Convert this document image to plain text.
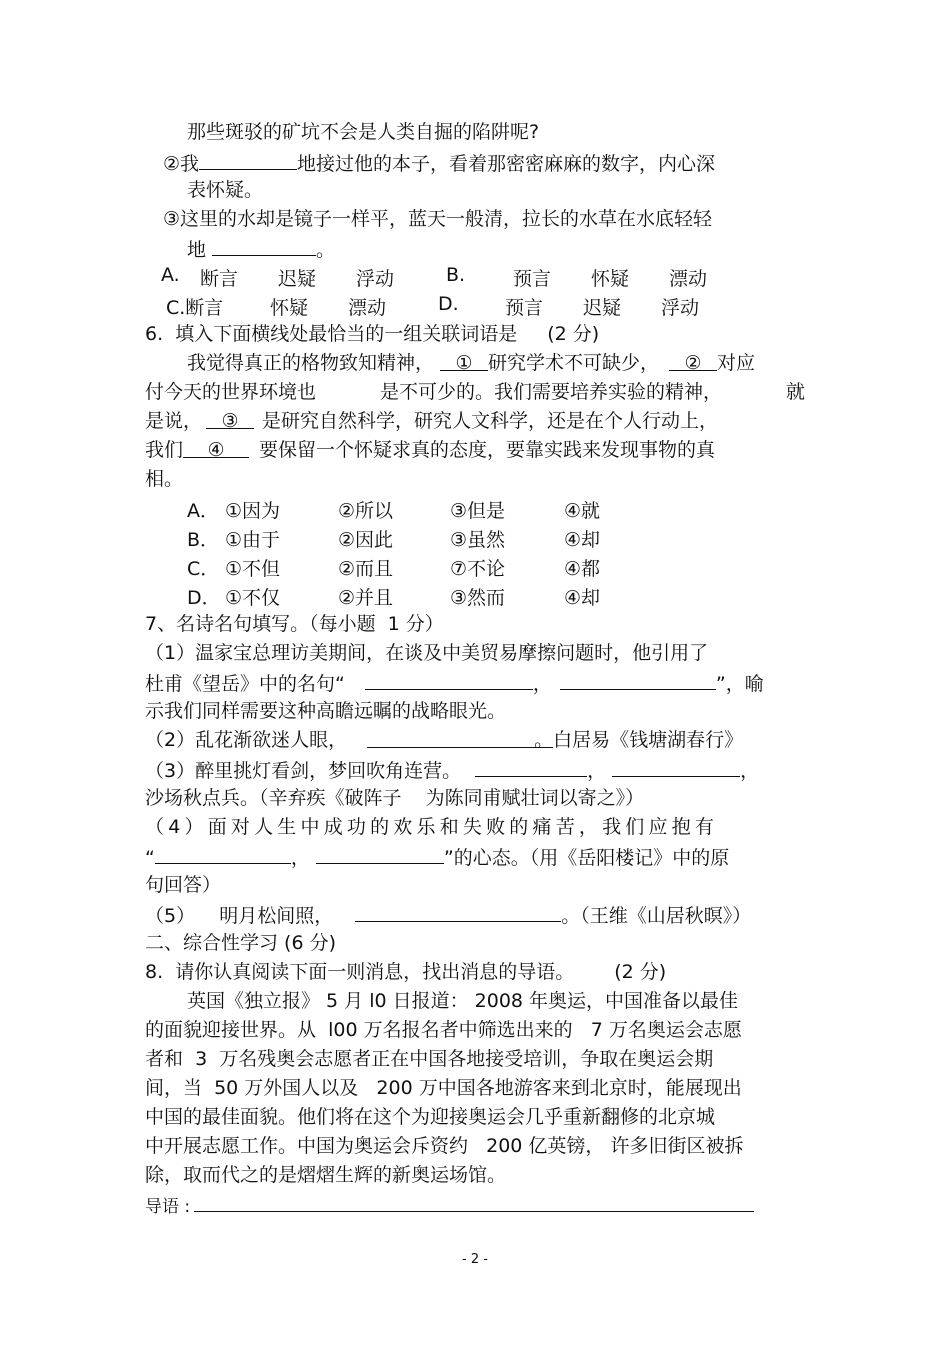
那些斑驳的矿坑不会是人类自掘的陷阱呢?
②我	地接过他的本子，看着那密密麻麻的数字，内心深
表怀疑。
③这里的水却是镜子一样平，蓝天一般清，拉长的水草在水底轻轻
地	。
A. 断言 迟疑 浮动	B.	预言 怀疑 漂动
C.断言 怀疑 漂动	D. 预言 迟疑 浮动
6.  填入下面横线处最恰当的一组关联词语是 (2 分)
我觉得真正的格物致知精神， ① 研究学术不可缺少， ② 对应
付今天的世界环境也	是不可少的。我们需要培养实验的精神，	就
是说， ③ 是研究自然科学，研究人文科学，还是在个人行动上，
我们 ④ 要保留一个怀疑求真的态度，要靠实践来发现事物的真
相。
A． ①因为	②所以	③但是	④就
B． ①由于	②因此	③虽然	④却
C． ①不但	②而且	⑦不论	④都
D． ①不仅	②并且	③然而	④却
7、名诗名句填写。（每小题  1 分）
（1）温家宝总理访美期间，在谈及中美贸易摩擦问题时，他引用了
杜甫《望岳》中的名句“	，	”，喻
示我们同样需要这种高瞻远瞩的战略眼光。
（2）乱花渐欲迷人眼，	。白居易《钱塘湖春行》
（3）醉里挑灯看剑，梦回吹角连营。	，	，
沙场秋点兵。（辛弃疾《破阵子    为陈同甫赋壮词以寄之》）
（4）面对人生中成功的欢乐和失败的痛苦，我们应抱有
“	，	”的心态。（用《岳阳楼记》中的原
句回答）
（5）    明月松间照，	。（王维《山居秋暝》）
二、综合性学习 (6 分)
8.  请你认真阅读下面一则消息，找出消息的导语。 (2 分)
英国《独立报》 5 月 l0 日报道： 2008 年奥运，中国准备以最佳
的面貌迎接世界。从  l00 万名报名者中筛选出来的   7 万名奥运会志愿
者和  3  万名残奥会志愿者正在中国各地接受培训，争取在奥运会期
间，当  50 万外国人以及   200 万中国各地游客来到北京时，能展现出
中国的最佳面貌。他们将在这个为迎接奥运会几乎重新翻修的北京城
中开展志愿工作。中国为奥运会斥资约   200 亿英镑， 许多旧街区被拆
除，取而代之的是熠熠生辉的新奥运场馆。
导语 :
- 2 -
